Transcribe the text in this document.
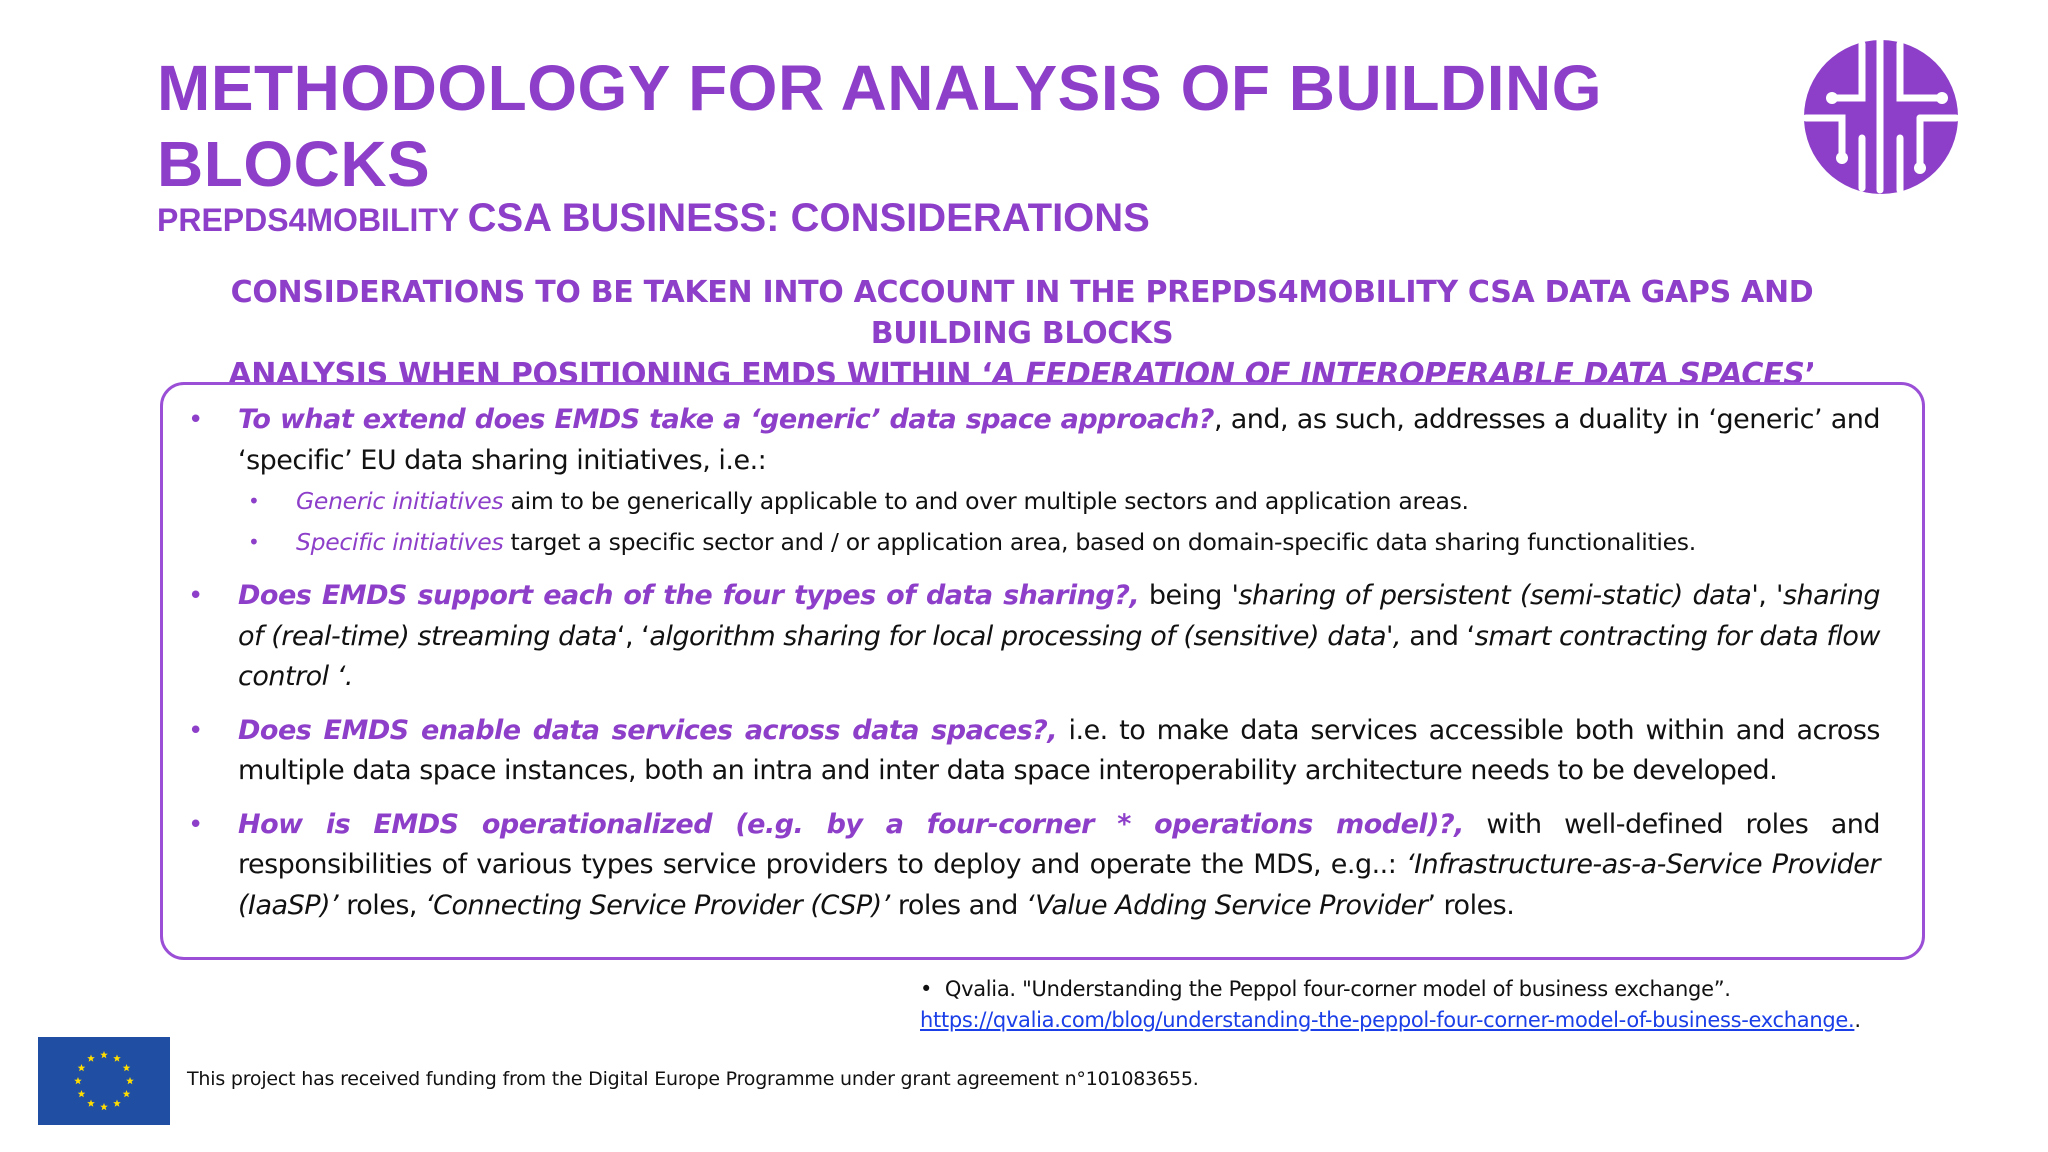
METHODOLOGY FOR ANALYSIS OF BUILDING BLOCKS
PREPDS4MOBILITY CSA BUSINESS: CONSIDERATIONS
CONSIDERATIONS TO BE TAKEN INTO ACCOUNT IN THE PREPDS4MOBILITY CSA DATA GAPS AND BUILDING BLOCKS
ANALYSIS WHEN POSITIONING EMDS WITHIN ‘A FEDERATION OF INTEROPERABLE DATA SPACES’
• To what extend does EMDS take a ‘generic’ data space approach?, and, as such, addresses a duality in ‘generic’ and ‘specific’ EU data sharing initiatives, i.e.:
• Generic initiatives aim to be generically applicable to and over multiple sectors and application areas.
• Specific initiatives target a specific sector and / or application area, based on domain-specific data sharing functionalities.
• Does EMDS support each of the four types of data sharing?, being 'sharing of persistent (semi-static) data', 'sharing of (real-time) streaming data‘, ‘algorithm sharing for local processing of (sensitive) data', and ‘smart contracting for data flow control ‘.
• Does EMDS enable data services across data spaces?, i.e. to make data services accessible both within and across multiple data space instances, both an intra and inter data space interoperability architecture needs to be developed.
• How is EMDS operationalized (e.g. by a four-corner * operations model)?, with well-defined roles and responsibilities of various types service providers to deploy and operate the MDS, e.g..: ‘Infrastructure-as-a-Service Provider (IaaSP)’ roles, ‘Connecting Service Provider (CSP)’ roles and ‘Value Adding Service Provider’ roles.
•  Qvalia. "Understanding the Peppol four-corner model of business exchange”.
https://qvalia.com/blog/understanding-the-peppol-four-corner-model-of-business-exchange..
This project has received funding from the Digital Europe Programme under grant agreement n°101083655.
